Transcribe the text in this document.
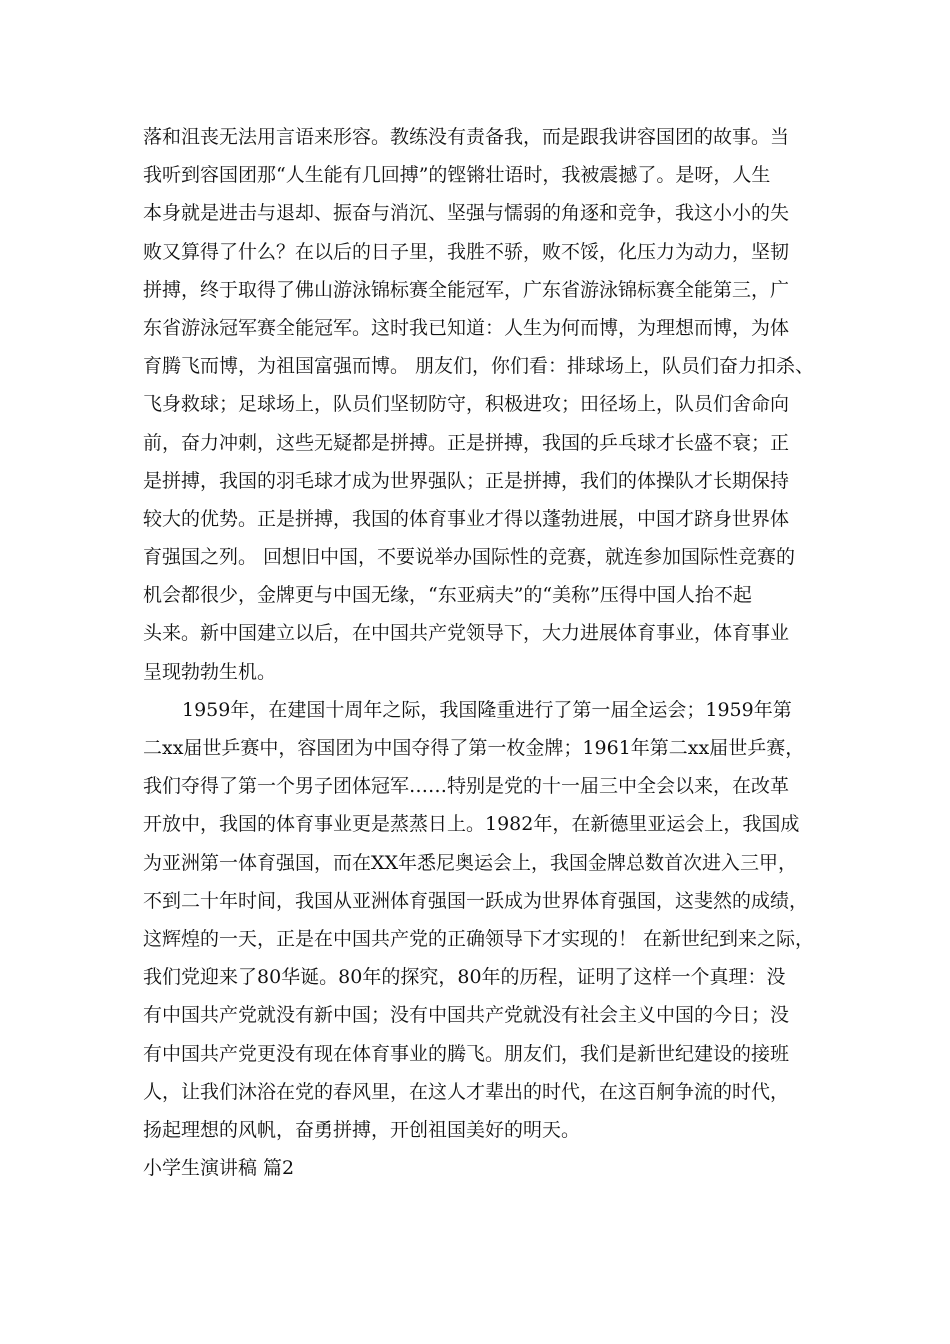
落和沮丧无法用言语来形容。教练没有责备我，而是跟我讲容国团的故事。当
我听到容国团那“人生能有几回搏”的铿锵壮语时，我被震撼了。是呀，人生
本身就是进击与退却、振奋与消沉、坚强与懦弱的角逐和竞争，我这小小的失
败又算得了什么？在以后的日子里，我胜不骄，败不馁，化压力为动力，坚韧
拼搏，终于取得了佛山游泳锦标赛全能冠军，广东省游泳锦标赛全能第三，广
东省游泳冠军赛全能冠军。这时我已知道：人生为何而博，为理想而博，为体
育腾飞而博，为祖国富强而博。 朋友们，你们看：排球场上，队员们奋力扣杀、
飞身救球；足球场上，队员们坚韧防守，积极进攻；田径场上，队员们舍命向
前，奋力冲刺，这些无疑都是拼搏。正是拼搏，我国的乒乓球才长盛不衰；正
是拼搏，我国的羽毛球才成为世界强队；正是拼搏，我们的体操队才长期保持
较大的优势。正是拼搏，我国的体育事业才得以蓬勃进展，中国才跻身世界体
育强国之列。 回想旧中国，不要说举办国际性的竞赛，就连参加国际性竞赛的
机会都很少，金牌更与中国无缘，“东亚病夫”的“美称”压得中国人抬不起
头来。新中国建立以后，在中国共产党领导下，大力进展体育事业，体育事业
呈现勃勃生机。
1959年，在建国十周年之际，我国隆重进行了第一届全运会；1959年第
二xx届世乒赛中，容国团为中国夺得了第一枚金牌；1961年第二xx届世乒赛，
我们夺得了第一个男子团体冠军……特别是党的十一届三中全会以来，在改革
开放中，我国的体育事业更是蒸蒸日上。1982年，在新德里亚运会上，我国成
为亚洲第一体育强国，而在XX年悉尼奥运会上，我国金牌总数首次进入三甲，
不到二十年时间，我国从亚洲体育强国一跃成为世界体育强国，这斐然的成绩，
这辉煌的一天，正是在中国共产党的正确领导下才实现的！ 在新世纪到来之际，
我们党迎来了80华诞。80年的探究，80年的历程，证明了这样一个真理：没
有中国共产党就没有新中国；没有中国共产党就没有社会主义中国的今日；没
有中国共产党更没有现在体育事业的腾飞。朋友们，我们是新世纪建设的接班
人，让我们沐浴在党的春风里，在这人才辈出的时代，在这百舸争流的时代，
扬起理想的风帆，奋勇拼搏，开创祖国美好的明天。
小学生演讲稿 篇2
